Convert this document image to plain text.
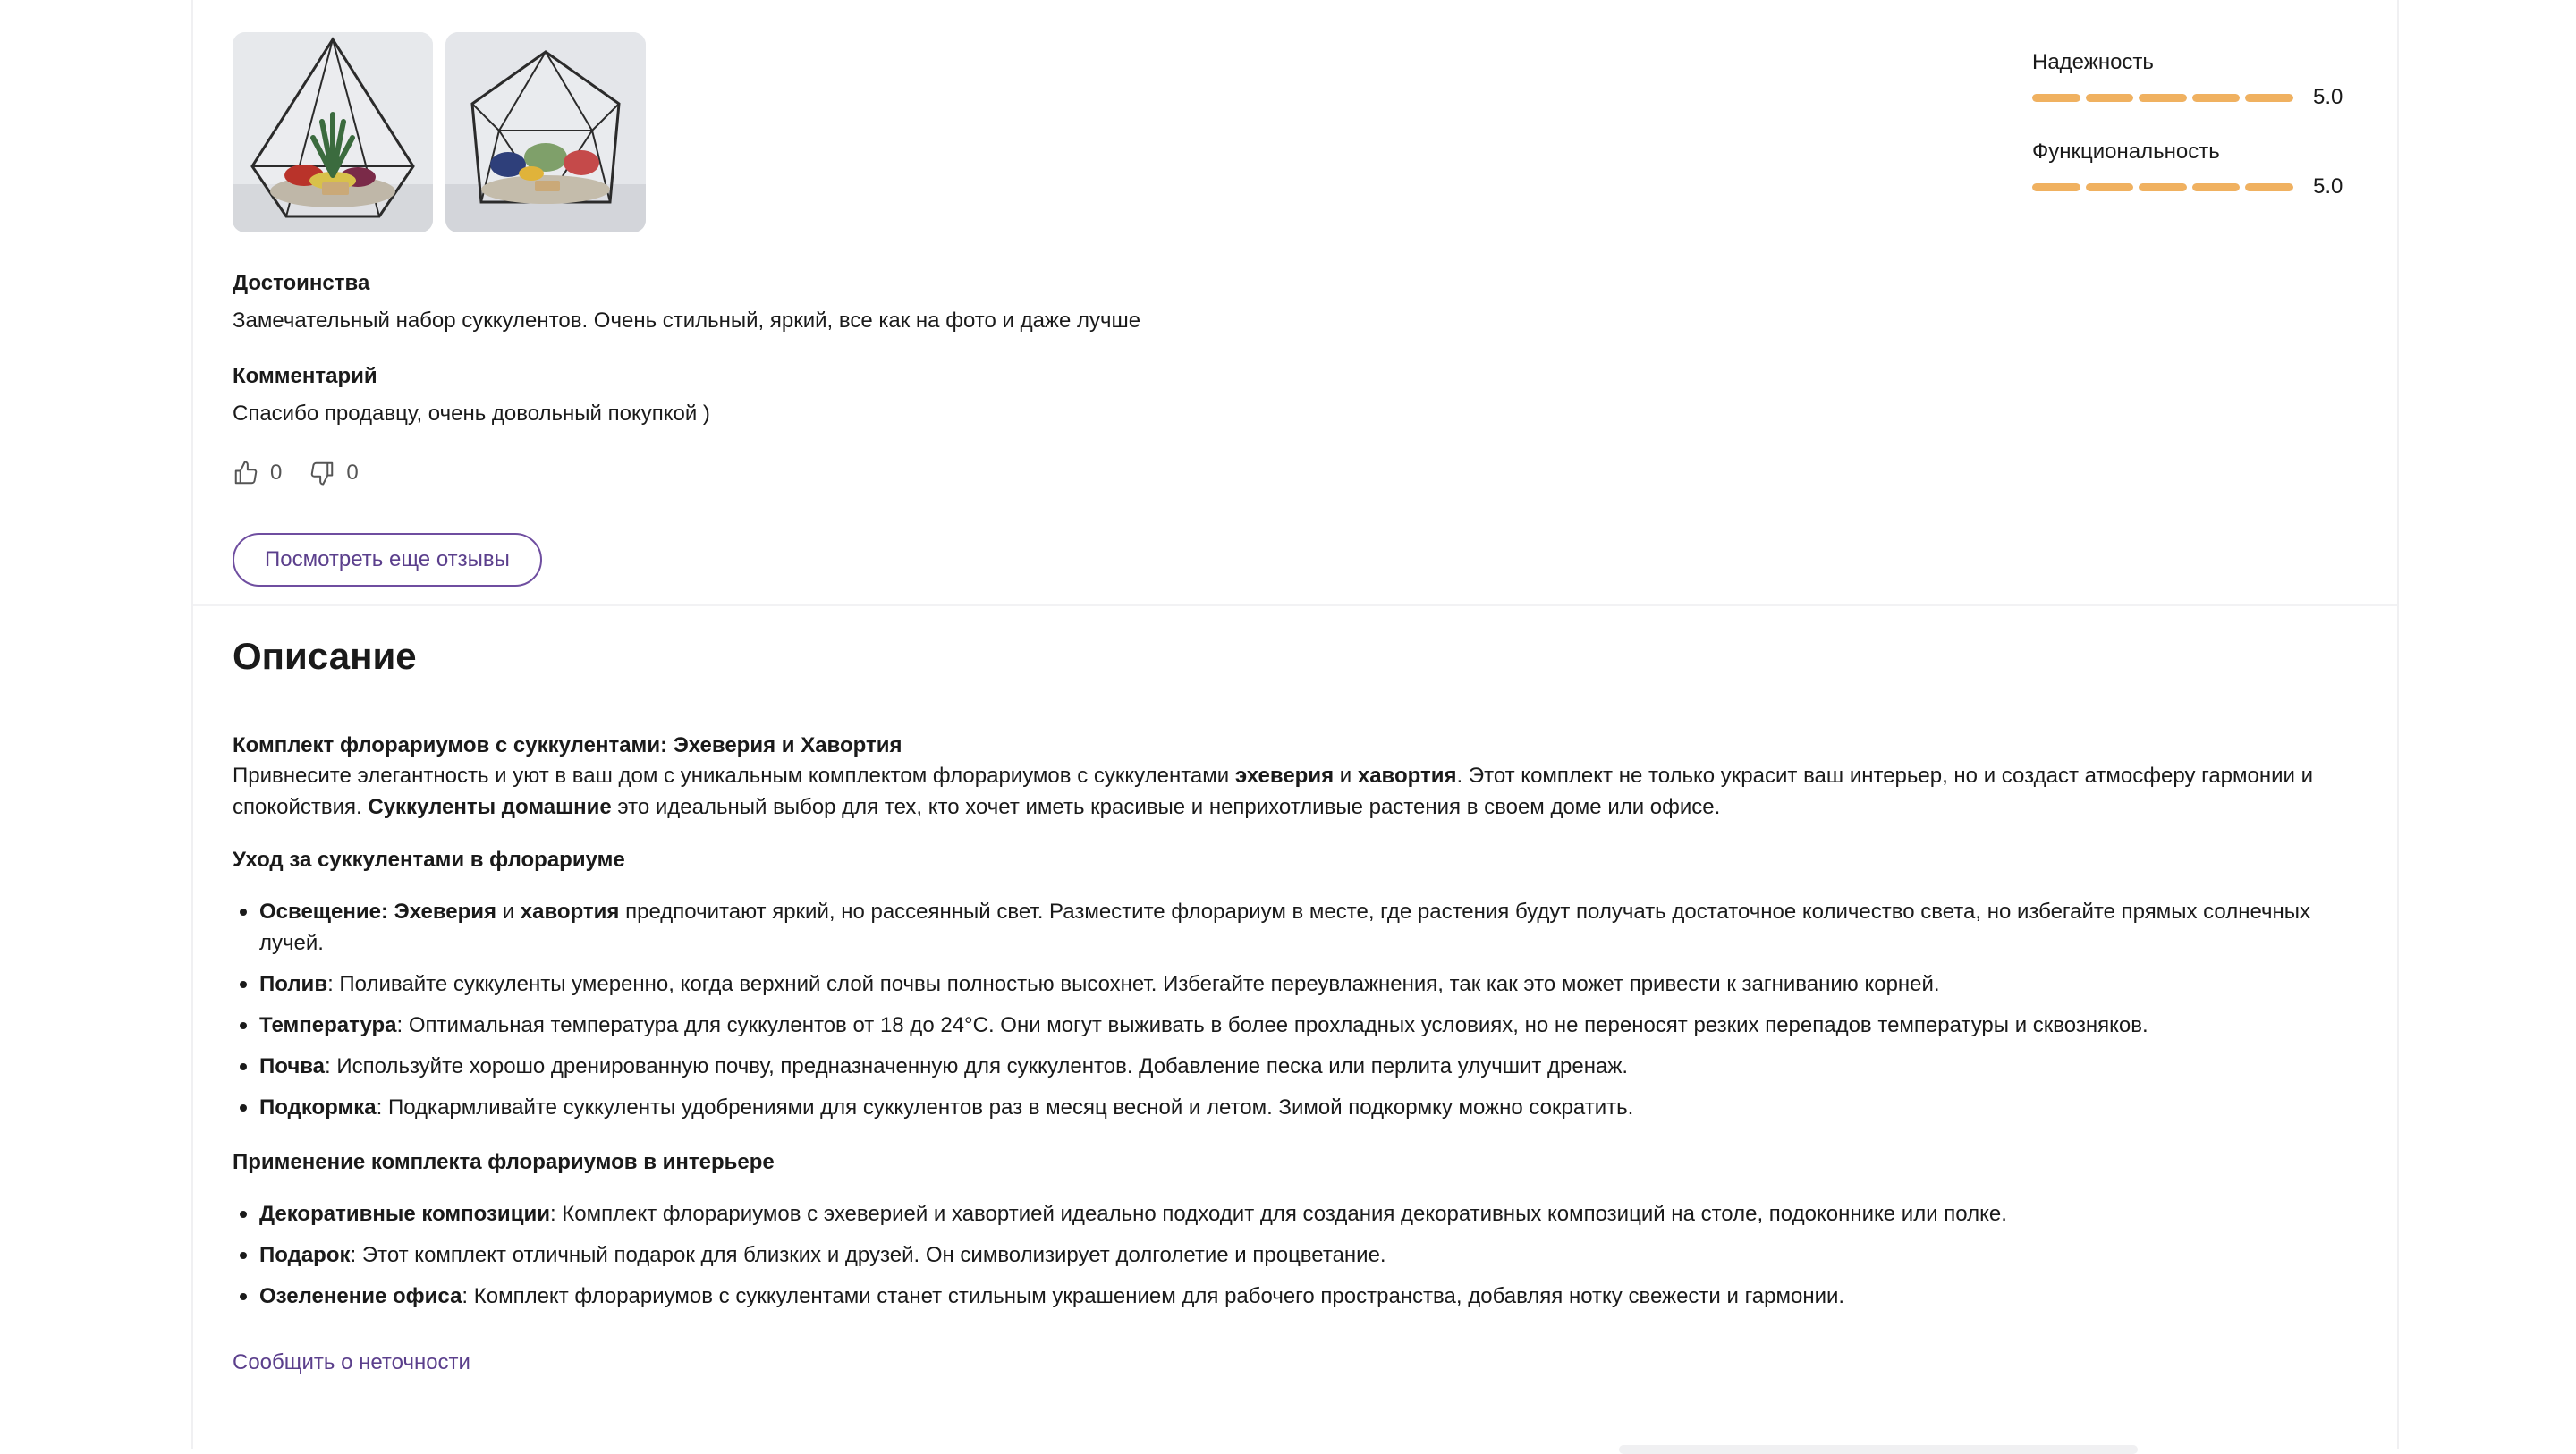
Надежность
5.0
Функциональность
5.0
Достоинства
Замечательный набор суккулентов. Очень стильный, яркий, все как на фото и даже лучше
Комментарий
Спасибо продавцу, очень довольный покупкой )
0	0
Посмотреть еще отзывы
Описание
Комплект флорариумов с суккулентами: Эхеверия и Хавортия
Привнесите элегантность и уют в ваш дом с уникальным комплектом флорариумов с суккулентами эхеверия и хавортия. Этот комплект не только украсит ваш интерьер, но и создаст атмосферу гармонии и спокойствия. Суккуленты домашние это идеальный выбор для тех, кто хочет иметь красивые и неприхотливые растения в своем доме или офисе.
Уход за суккулентами в флорариуме
Освещение: Эхеверия и хавортия предпочитают яркий, но рассеянный свет. Разместите флорариум в месте, где растения будут получать достаточное количество света, но избегайте прямых солнечных лучей.
Полив: Поливайте суккуленты умеренно, когда верхний слой почвы полностью высохнет. Избегайте переувлажнения, так как это может привести к загниванию корней.
Температура: Оптимальная температура для суккулентов от 18 до 24°C. Они могут выживать в более прохладных условиях, но не переносят резких перепадов температуры и сквозняков.
Почва: Используйте хорошо дренированную почву, предназначенную для суккулентов. Добавление песка или перлита улучшит дренаж.
Подкормка: Подкармливайте суккуленты удобрениями для суккулентов раз в месяц весной и летом. Зимой подкормку можно сократить.
Применение комплекта флорариумов в интерьере
Декоративные композиции: Комплект флорариумов с эхеверией и хавортией идеально подходит для создания декоративных композиций на столе, подоконнике или полке.
Подарок: Этот комплект отличный подарок для близких и друзей. Он символизирует долголетие и процветание.
Озеленение офиса: Комплект флорариумов с суккулентами станет стильным украшением для рабочего пространства, добавляя нотку свежести и гармонии.
Сообщить о неточности
